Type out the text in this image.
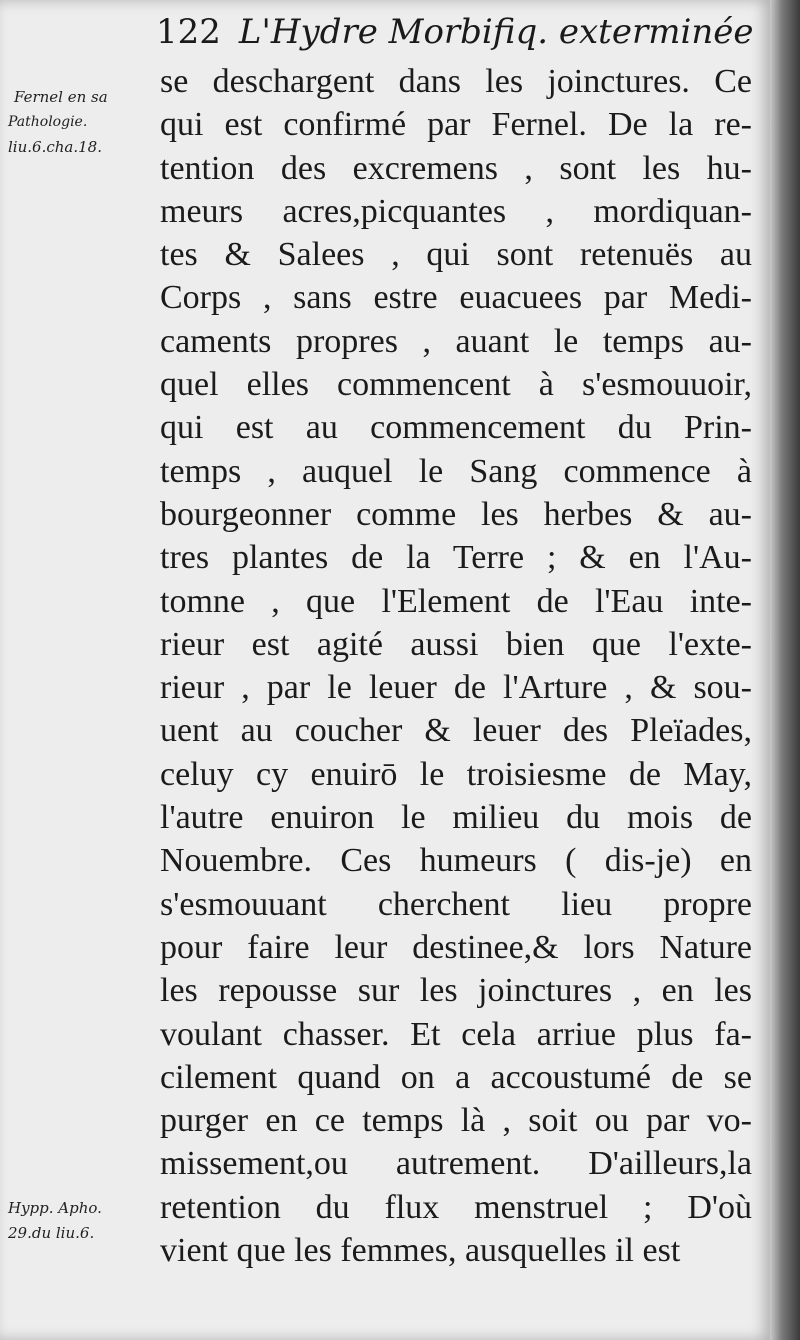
122 L'Hydre Morbifiq. exterminée
Fernel en sa
Pathologie.
liu.6.cha.18.
Hypp. Apho.
29.du liu.6.
se deschargent dans les joinctures. Ce
qui est confirmé par Fernel. De la re-
tention des excremens , sont les hu-
meurs acres,picquantes , mordiquan-
tes & Salees , qui sont retenuës au
Corps , sans estre euacuees par Medi-
caments propres , auant le temps au-
quel elles commencent à s'esmouuoir,
qui est au commencement du Prin-
temps , auquel le Sang commence à
bourgeonner comme les herbes & au-
tres plantes de la Terre ; & en l'Au-
tomne , que l'Element de l'Eau inte-
rieur est agité aussi bien que l'exte-
rieur , par le leuer de l'Arture , & sou-
uent au coucher & leuer des Pleïades,
celuy cy enuirō le troisiesme de May,
l'autre enuiron le milieu du mois de
Nouembre. Ces humeurs ( dis-je) en
s'esmouuant cherchent lieu propre
pour faire leur destinee,& lors Nature
les repousse sur les joinctures , en les
voulant chasser. Et cela arriue plus fa-
cilement quand on a accoustumé de se
purger en ce temps là , soit ou par vo-
missement,ou autrement. D'ailleurs,la
retention du flux menstruel ; D'où
vient que les femmes, ausquelles il est
